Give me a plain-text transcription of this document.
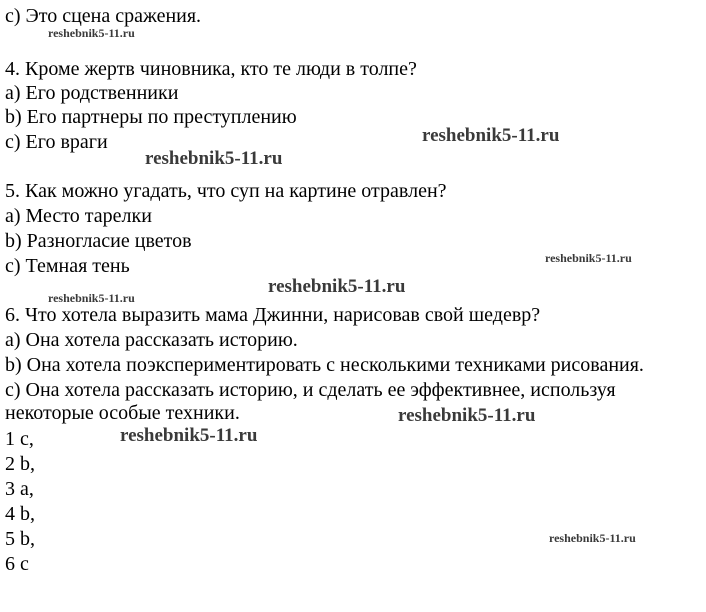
c) Это сцена сражения.
4. Кроме жертв чиновника, кто те люди в толпе?
a) Его родственники
b) Его партнеры по преступлению
c) Его враги
5. Как можно угадать, что суп на картине отравлен?
a) Место тарелки
b) Разногласие цветов
c) Темная тень
6. Что хотела выразить мама Джинни, нарисовав свой шедевр?
a) Она хотела рассказать историю.
b) Она хотела поэкспериментировать с несколькими техниками рисования.
c) Она хотела рассказать историю, и сделать ее эффективнее, используя
некоторые особые техники.
1 c,
2 b,
3 a,
4 b,
5 b,
6 c
reshebnik5-11.ru
reshebnik5-11.ru
reshebnik5-11.ru
reshebnik5-11.ru
reshebnik5-11.ru
reshebnik5-11.ru
reshebnik5-11.ru
reshebnik5-11.ru
reshebnik5-11.ru
